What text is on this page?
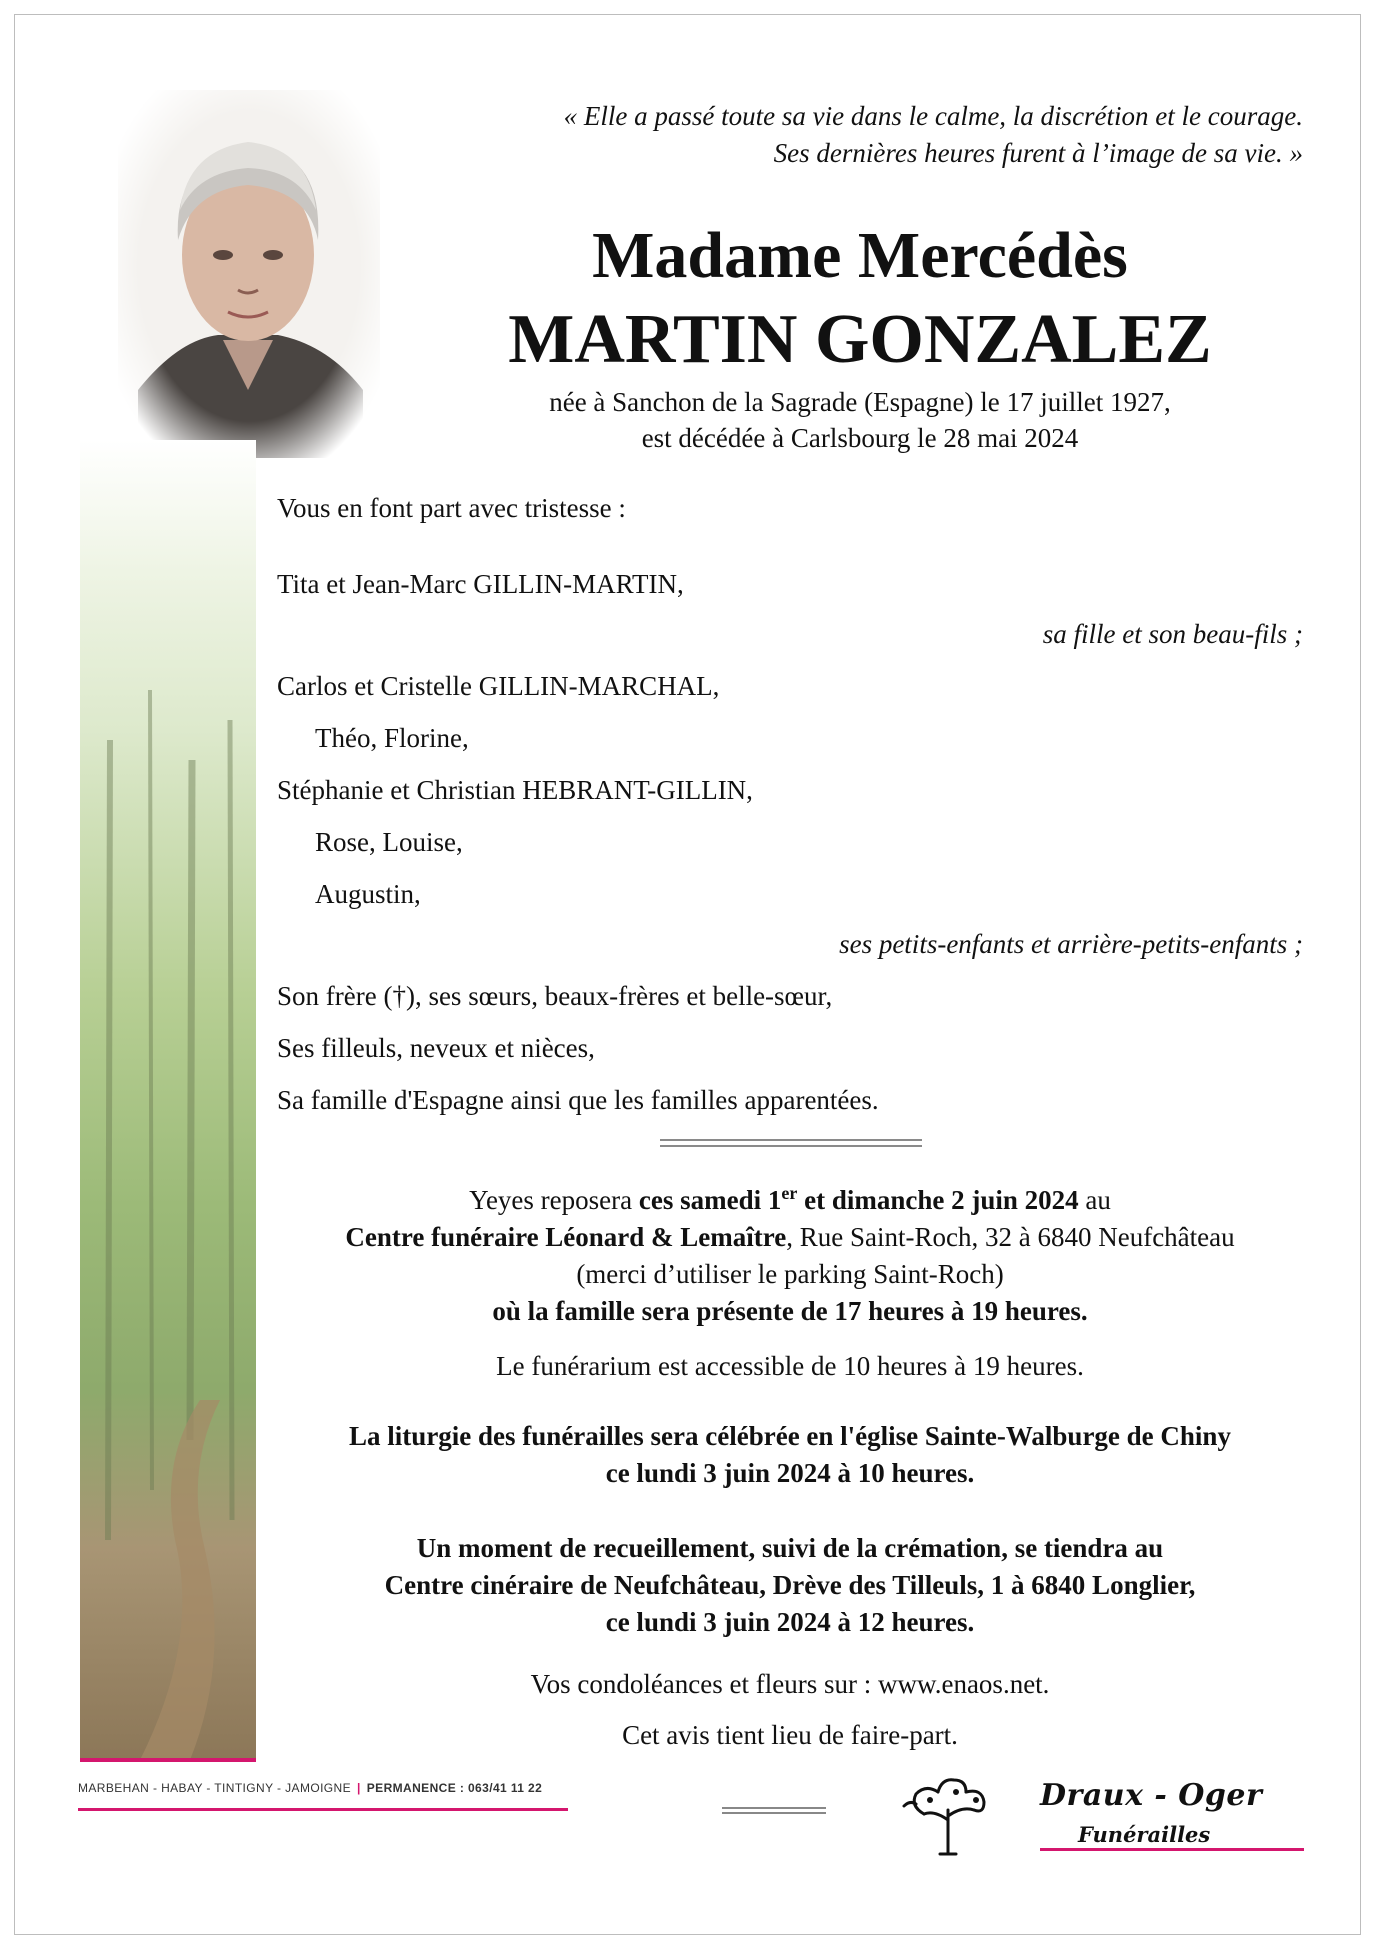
« Elle a passé toute sa vie dans le calme, la discrétion et le courage.

Ses dernières heures furent à l’image de sa vie. »

Madame Mercédès
MARTIN GONZALEZ

née à Sanchon de la Sagrade (Espagne) le 17 juillet 1927,

est décédée à Carlsbourg le 28 mai 2024

Vous en font part avec tristesse :
Tita et Jean-Marc GILLIN-MARTIN,
sa fille et son beau-fils ;
Carlos et Cristelle GILLIN-MARCHAL,
Théo, Florine,
Stéphanie et Christian HEBRANT-GILLIN,
Rose, Louise,
Augustin,
ses petits-enfants et arrière-petits-enfants ;
Son frère (†), ses sœurs, beaux-frères et belle-sœur,
Ses filleuls, neveux et nièces,
Sa famille d'Espagne ainsi que les familles apparentées.

Yeyes reposera ces samedi 1er et dimanche 2 juin 2024 au

Centre funéraire Léonard & Lemaître, Rue Saint-Roch, 32 à 6840 Neufchâteau

(merci d’utiliser le parking Saint-Roch)

où la famille sera présente de 17 heures à 19 heures.

Le funérarium est accessible de 10 heures à 19 heures.

La liturgie des funérailles sera célébrée en l'église Sainte-Walburge de Chiny

ce lundi 3 juin 2024 à 10 heures.

Un moment de recueillement, suivi de la crémation, se tiendra au

Centre cinéraire de Neufchâteau, Drève des Tilleuls, 1 à 6840 Longlier,

ce lundi 3 juin 2024 à 12 heures.

Vos condoléances et fleurs sur : www.enaos.net.
Cet avis tient lieu de faire-part.
MARBEHAN - HABAY - TINTIGNY - JAMOIGNE | PERMANENCE : 063/41 11 22	Draux - Oger
Funérailles
